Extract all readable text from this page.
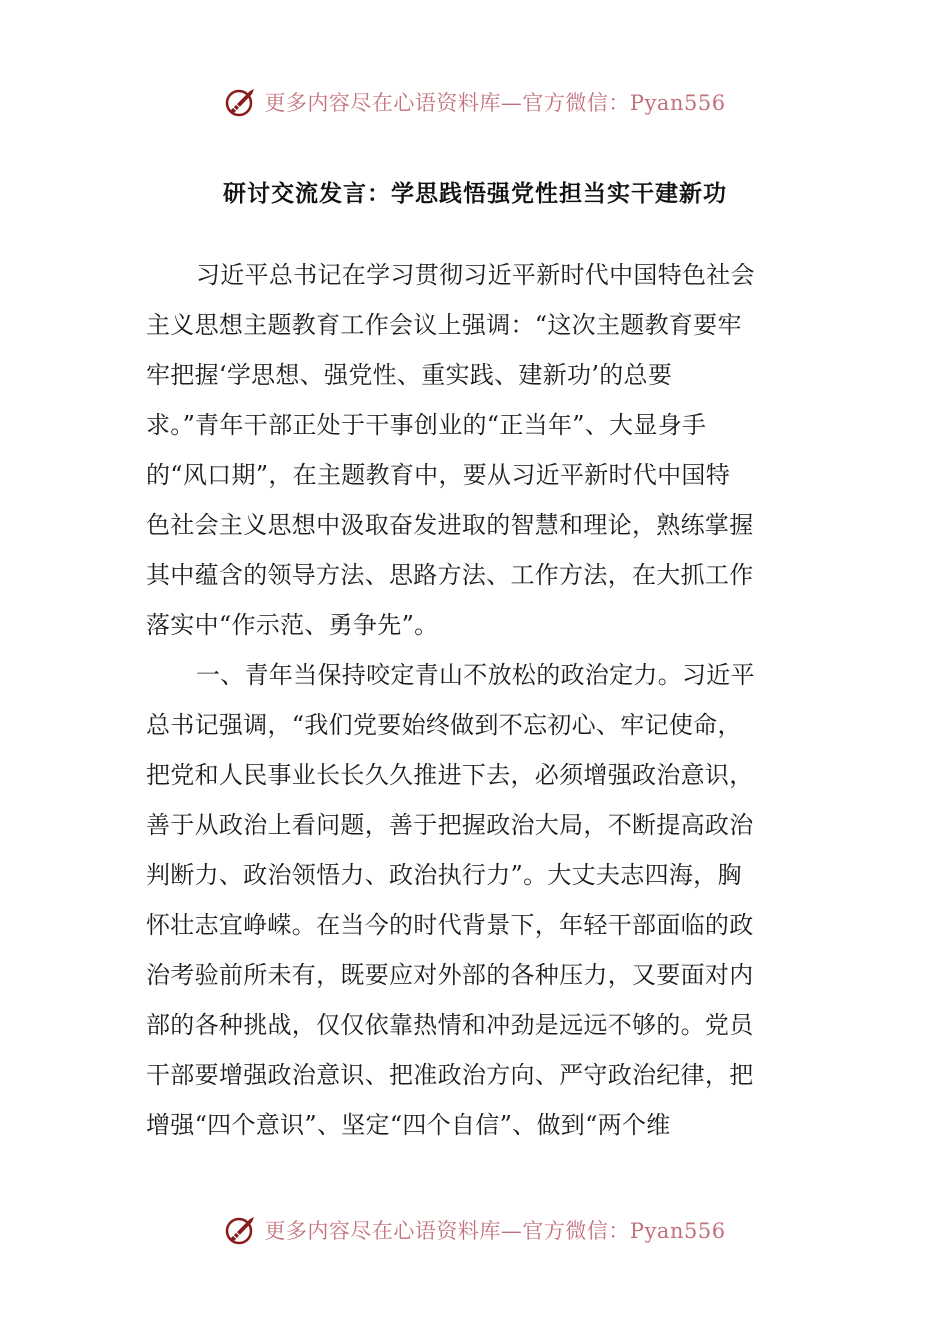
更多内容尽在心语资料库—官方微信：Pyan556
研讨交流发言：学思践悟强党性担当实干建新功
习近平总书记在学习贯彻习近平新时代中国特色社会
主义思想主题教育工作会议上强调：“这次主题教育要牢
牢把握‘学思想、强党性、重实践、建新功’的总要
求。”青年干部正处于干事创业的“正当年”、大显身手
的“风口期”，在主题教育中，要从习近平新时代中国特
色社会主义思想中汲取奋发进取的智慧和理论，熟练掌握
其中蕴含的领导方法、思路方法、工作方法，在大抓工作
落实中“作示范、勇争先”。
一、青年当保持咬定青山不放松的政治定力。习近平
总书记强调，“我们党要始终做到不忘初心、牢记使命，
把党和人民事业长长久久推进下去，必须增强政治意识，
善于从政治上看问题，善于把握政治大局，不断提高政治
判断力、政治领悟力、政治执行力”。大丈夫志四海，胸
怀壮志宜峥嵘。在当今的时代背景下，年轻干部面临的政
治考验前所未有，既要应对外部的各种压力，又要面对内
部的各种挑战，仅仅依靠热情和冲劲是远远不够的。党员
干部要增强政治意识、把准政治方向、严守政治纪律，把
增强“四个意识”、坚定“四个自信”、做到“两个维
更多内容尽在心语资料库—官方微信：Pyan556
